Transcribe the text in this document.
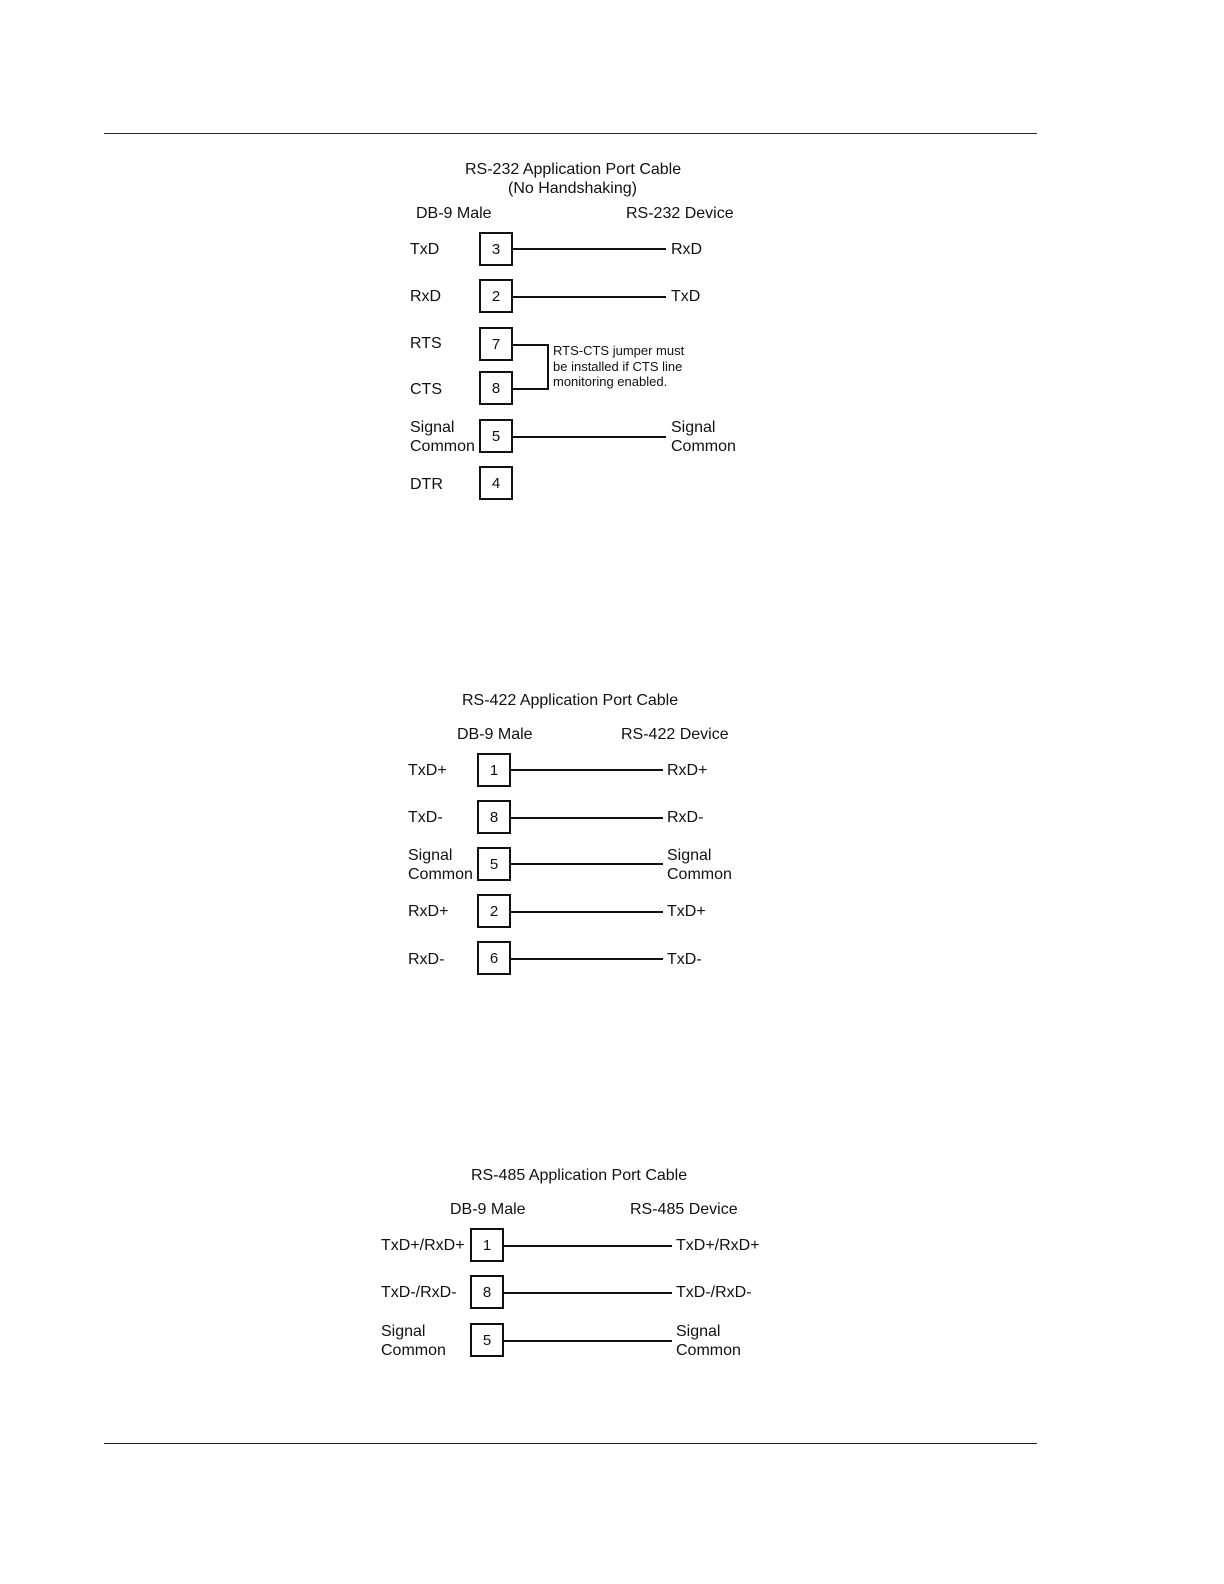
RS-232 Application Port Cable
(No Handshaking)
DB-9 Male	RS-232 Device
TxD	3	RxD
RxD	2	TxD
RTS	7
CTS	8
RTS-CTS jumper must
be installed if CTS line
monitoring enabled.
Signal
Common
5	Signal
Common
DTR	4
RS-422 Application Port Cable
DB-9 Male	RS-422 Device
TxD+	1	RxD+
TxD-	8	RxD-
Signal
Common
5	Signal
Common
RxD+	2	TxD+
RxD-	6	TxD-
RS-485 Application Port Cable
DB-9 Male	RS-485 Device
TxD+/RxD+	1	TxD+/RxD+
TxD-/RxD-	8	TxD-/RxD-
Signal
Common
5	Signal
Common
